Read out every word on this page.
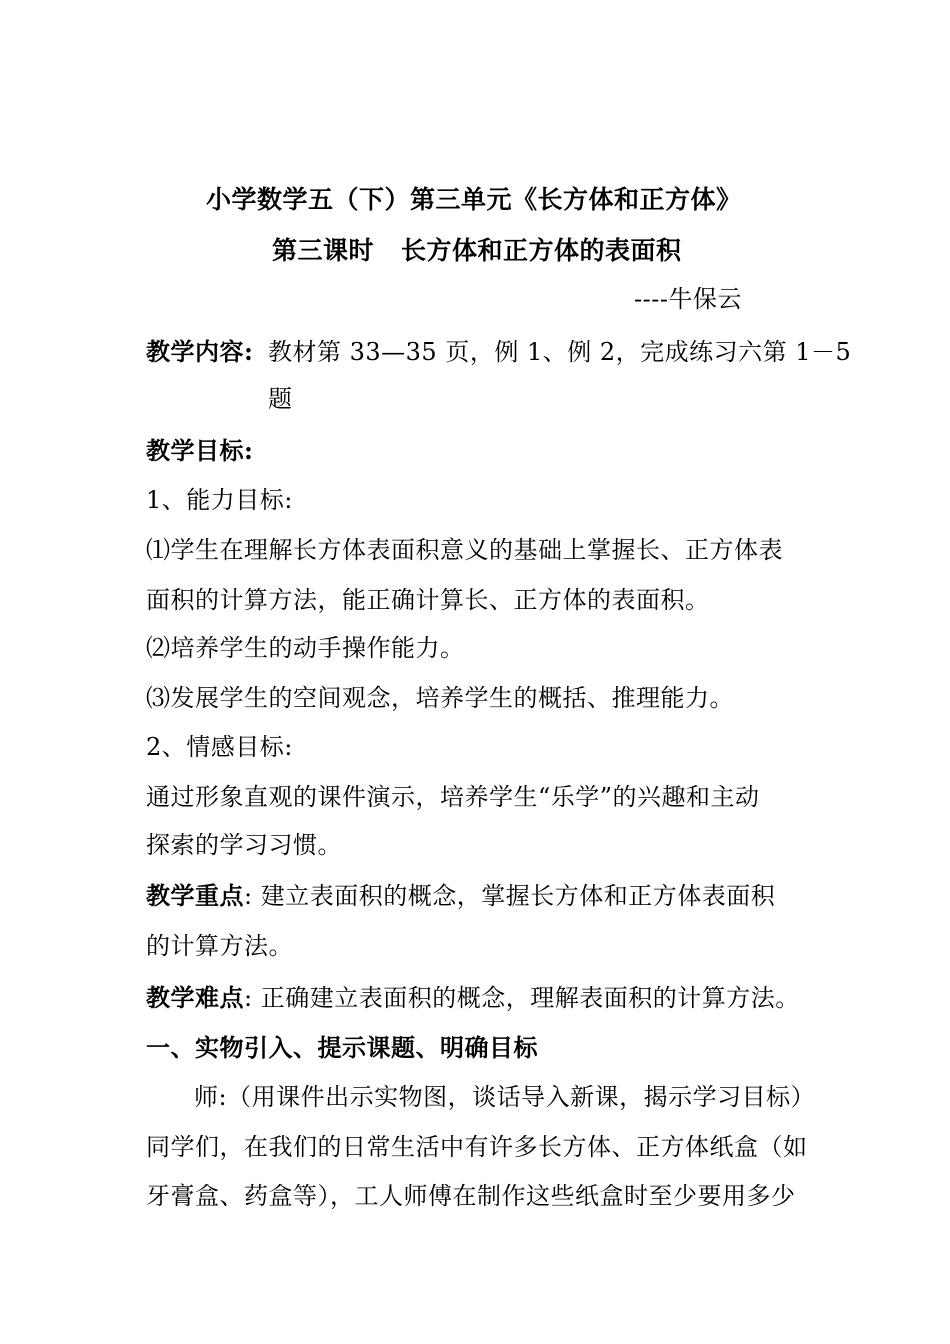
小学数学五（下）第三单元《长方体和正方体》
第三课时 长方体和正方体的表面积
----牛保云
教学内容: 教材第 33—35 页，例 1、例 2，完成练习六第 1－5
题
教学目标:
1、能力目标:
⑴学生在理解长方体表面积意义的基础上掌握长、正方体表
面积的计算方法，能正确计算长、正方体的表面积。
⑵培养学生的动手操作能力。
⑶发展学生的空间观念，培养学生的概括、推理能力。
2、情感目标:
通过形象直观的课件演示，培养学生“乐学”的兴趣和主动
探索的学习习惯。
教学重点: 建立表面积的概念，掌握长方体和正方体表面积
的计算方法。
教学难点: 正确建立表面积的概念，理解表面积的计算方法。
一、实物引入、提示课题、明确目标
师:（用课件出示实物图，谈话导入新课，揭示学习目标）
同学们，在我们的日常生活中有许多长方体、正方体纸盒（如
牙膏盒、药盒等），工人师傅在制作这些纸盒时至少要用多少
